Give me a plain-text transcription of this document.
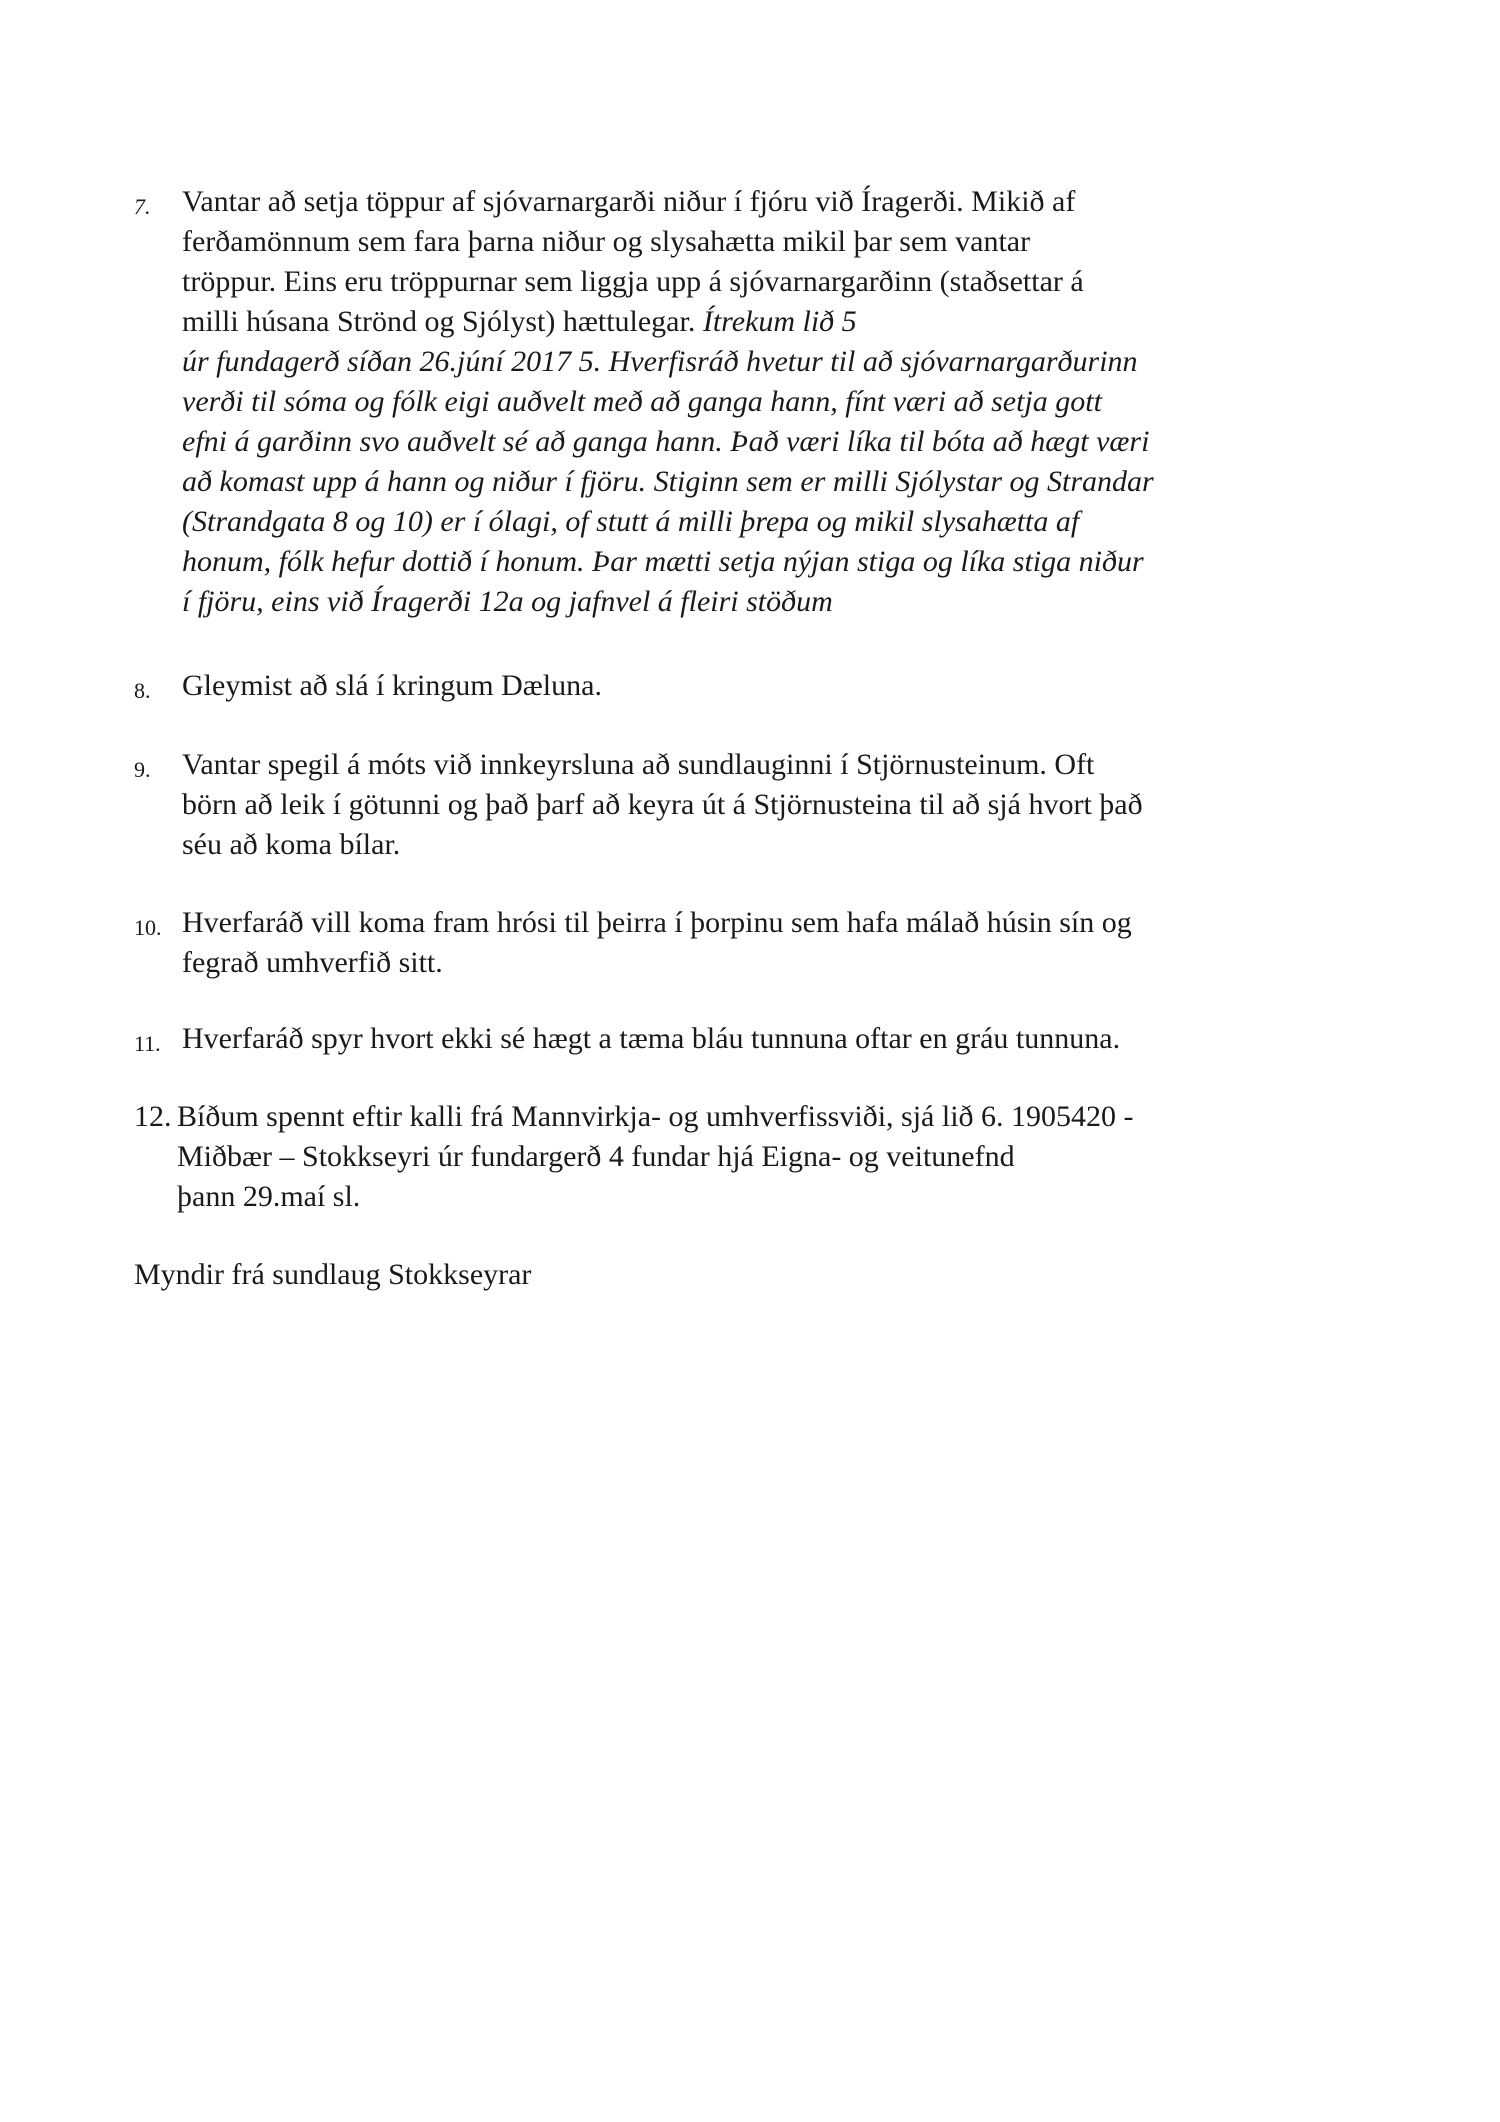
7.	Vantar að setja töppur af sjóvarnargarði niður í fjóru við Íragerði. Mikið af
ferðamönnum sem fara þarna niður og slysahætta mikil þar sem vantar
tröppur. Eins eru tröppurnar sem liggja upp á sjóvarnargarðinn (staðsettar á
milli húsana Strönd og Sjólyst) hættulegar. Ítrekum lið 5
úr fundagerð síðan 26.júní 2017 5. Hverfisráð hvetur til að sjóvarnargarðurinn
verði til sóma og fólk eigi auðvelt með að ganga hann, fínt væri að setja gott
efni á garðinn svo auðvelt sé að ganga hann. Það væri líka til bóta að hægt væri
að komast upp á hann og niður í fjöru. Stiginn sem er milli Sjólystar og Strandar
(Strandgata 8 og 10) er í ólagi, of stutt á milli þrepa og mikil slysahætta af
honum, fólk hefur dottið í honum. Þar mætti setja nýjan stiga og líka stiga niður
í fjöru, eins við Íragerði 12a og jafnvel á fleiri stöðum
8.	Gleymist að slá í kringum Dæluna.
9.	Vantar spegil á móts við innkeyrsluna að sundlauginni í Stjörnusteinum. Oft
börn að leik í götunni og það þarf að keyra út á Stjörnusteina til að sjá hvort það
séu að koma bílar.
10. Hverfaráð vill koma fram hrósi til þeirra í þorpinu sem hafa málað húsin sín og
fegrað umhverfið sitt.
11. Hverfaráð spyr hvort ekki sé hægt a tæma bláu tunnuna oftar en gráu tunnuna.
12. Bíðum spennt eftir kalli frá Mannvirkja- og umhverfissviði, sjá lið 6. 1905420 -
Miðbær – Stokkseyri úr fundargerð 4 fundar hjá Eigna- og veitunefnd
þann 29.maí sl.
Myndir frá sundlaug Stokkseyrar
